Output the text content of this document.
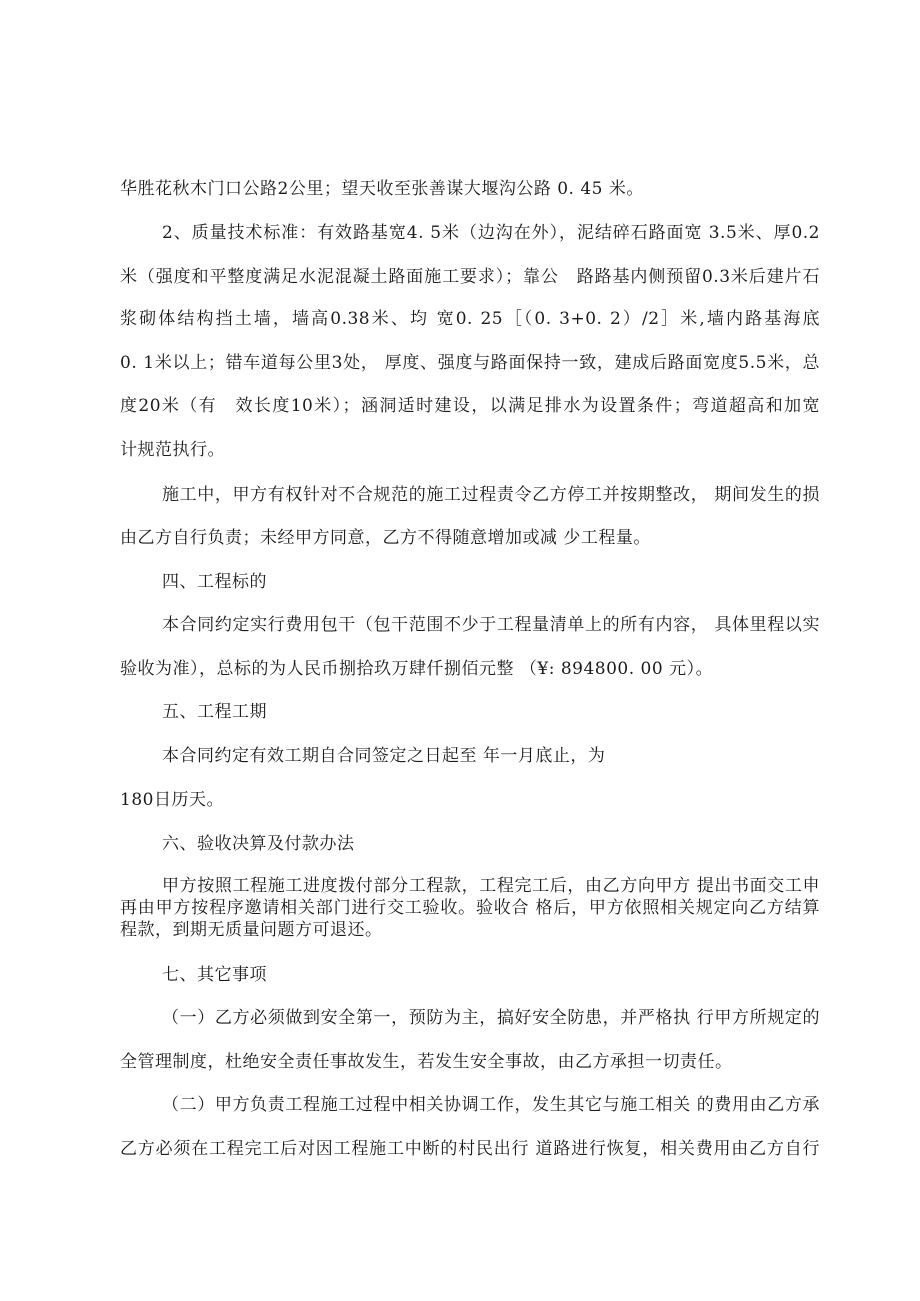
华胜花秋木门口公路2公里；望天收至张善谋大堰沟公路 0. 45 米。
2、质量技术标准：有效路基宽4. 5米（边沟在外），泥结碎石路面宽 3.5米、厚0.2
米（强度和平整度满足水泥混凝土路面施工要求）；靠公　路路基内侧预留0.3米后建片石
浆砌体结构挡土墙，墙高0.38米、均 宽0. 25［（0. 3+0. 2）/2］米,墙内路基海底
0. 1米以上；错车道每公里3处， 厚度、强度与路面保持一致，建成后路面宽度5.5米，总
度20米（有　效长度10米）；涵洞适时建设，以满足排水为设置条件；弯道超高和加宽　
计规范执行。
施工中，甲方有权针对不合规范的施工过程责令乙方停工并按期整改， 期间发生的损
由乙方自行负责；未经甲方同意，乙方不得随意增加或减 少工程量。
四、工程标的
本合同约定实行费用包干（包干范围不少于工程量清单上的所有内容， 具体里程以实
验收为准），总标的为人民币捌拾玖万肆仟捌佰元整 （¥: 894800. 00 元）。
五、工程工期
本合同约定有效工期自合同签定之日起至 年一月底止，为
180日历天。
六、验收决算及付款办法
甲方按照工程施工进度拨付部分工程款，工程完工后，由乙方向甲方 提出书面交工申
再由甲方按程序邀请相关部门进行交工验收。验收合 格后，甲方依照相关规定向乙方结算
程款，到期无质量问题方可退还。
七、其它事项
（一）乙方必须做到安全第一，预防为主，搞好安全防患，并严格执 行甲方所规定的
全管理制度，杜绝安全责任事故发生，若发生安全事故，由乙方承担一切责任。
（二）甲方负责工程施工过程中相关协调工作，发生其它与施工相关 的费用由乙方承
乙方必须在工程完工后对因工程施工中断的村民出行 道路进行恢复，相关费用由乙方自行
